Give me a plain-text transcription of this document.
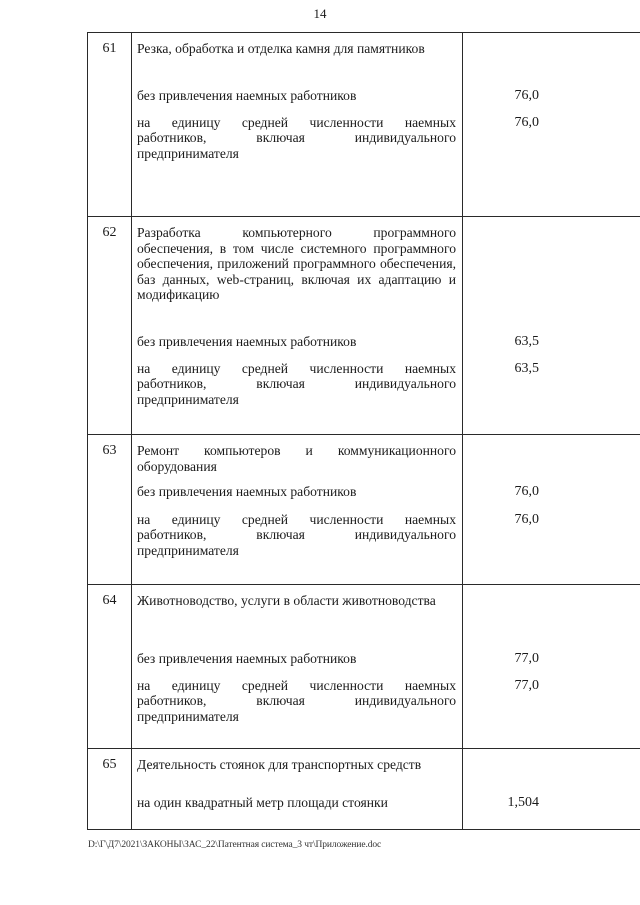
14
61	Резка, обработка и отделка камня для памятников	

	без привлечения наемных работников	76,0

	на единицу средней численности наемных работников, включая индивидуального предпринимателя	76,0
62	Разработка компьютерного программного обеспечения, в том числе системного программного обеспечения, приложений программного обеспечения, баз данных, web-страниц, включая их адаптацию и модификацию	

	без привлечения наемных работников	63,5

	на единицу средней численности наемных работников, включая индивидуального предпринимателя	63,5
63	Ремонт компьютеров и коммуникационного оборудования	

	без привлечения наемных работников	76,0

	на единицу средней численности наемных работников, включая индивидуального предпринимателя	76,0
64	Животноводство, услуги в области животноводства	

	без привлечения наемных работников	77,0

	на единицу средней численности наемных работников, включая индивидуального предпринимателя	77,0
65	Деятельность стоянок для транспортных средств	

	на один квадратный метр площади стоянки	1,504
D:\Г\Д7\2021\ЗАКОНЫ\ЗАС_22\Патентная система_3 чт\Приложение.doc
